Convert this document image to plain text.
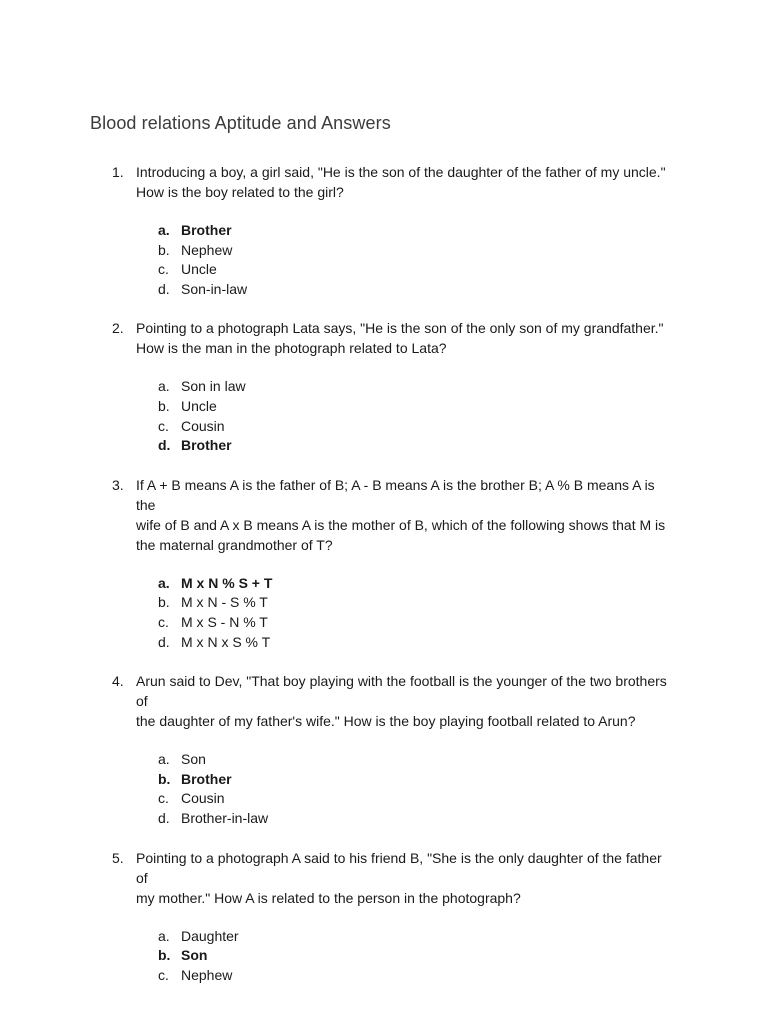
Blood relations Aptitude and Answers
1. Introducing a boy, a girl said, "He is the son of the daughter of the father of my uncle."
How is the boy related to the girl?
a. Brother
b. Nephew
c. Uncle
d. Son-in-law
2. Pointing to a photograph Lata says, "He is the son of the only son of my grandfather."
How is the man in the photograph related to Lata?
a. Son in law
b. Uncle
c. Cousin
d. Brother
3. If A + B means A is the father of B; A - B means A is the brother B; A % B means A is the
wife of B and A x B means A is the mother of B, which of the following shows that M is
the maternal grandmother of T?
a. M x N % S + T
b. M x N - S % T
c. M x S - N % T
d. M x N x S % T
4. Arun said to Dev, "That boy playing with the football is the younger of the two brothers of
the daughter of my father's wife." How is the boy playing football related to Arun?
a. Son
b. Brother
c. Cousin
d. Brother-in-law
5. Pointing to a photograph A said to his friend B, "She is the only daughter of the father of
my mother." How A is related to the person in the photograph?
a. Daughter
b. Son
c. Nephew
